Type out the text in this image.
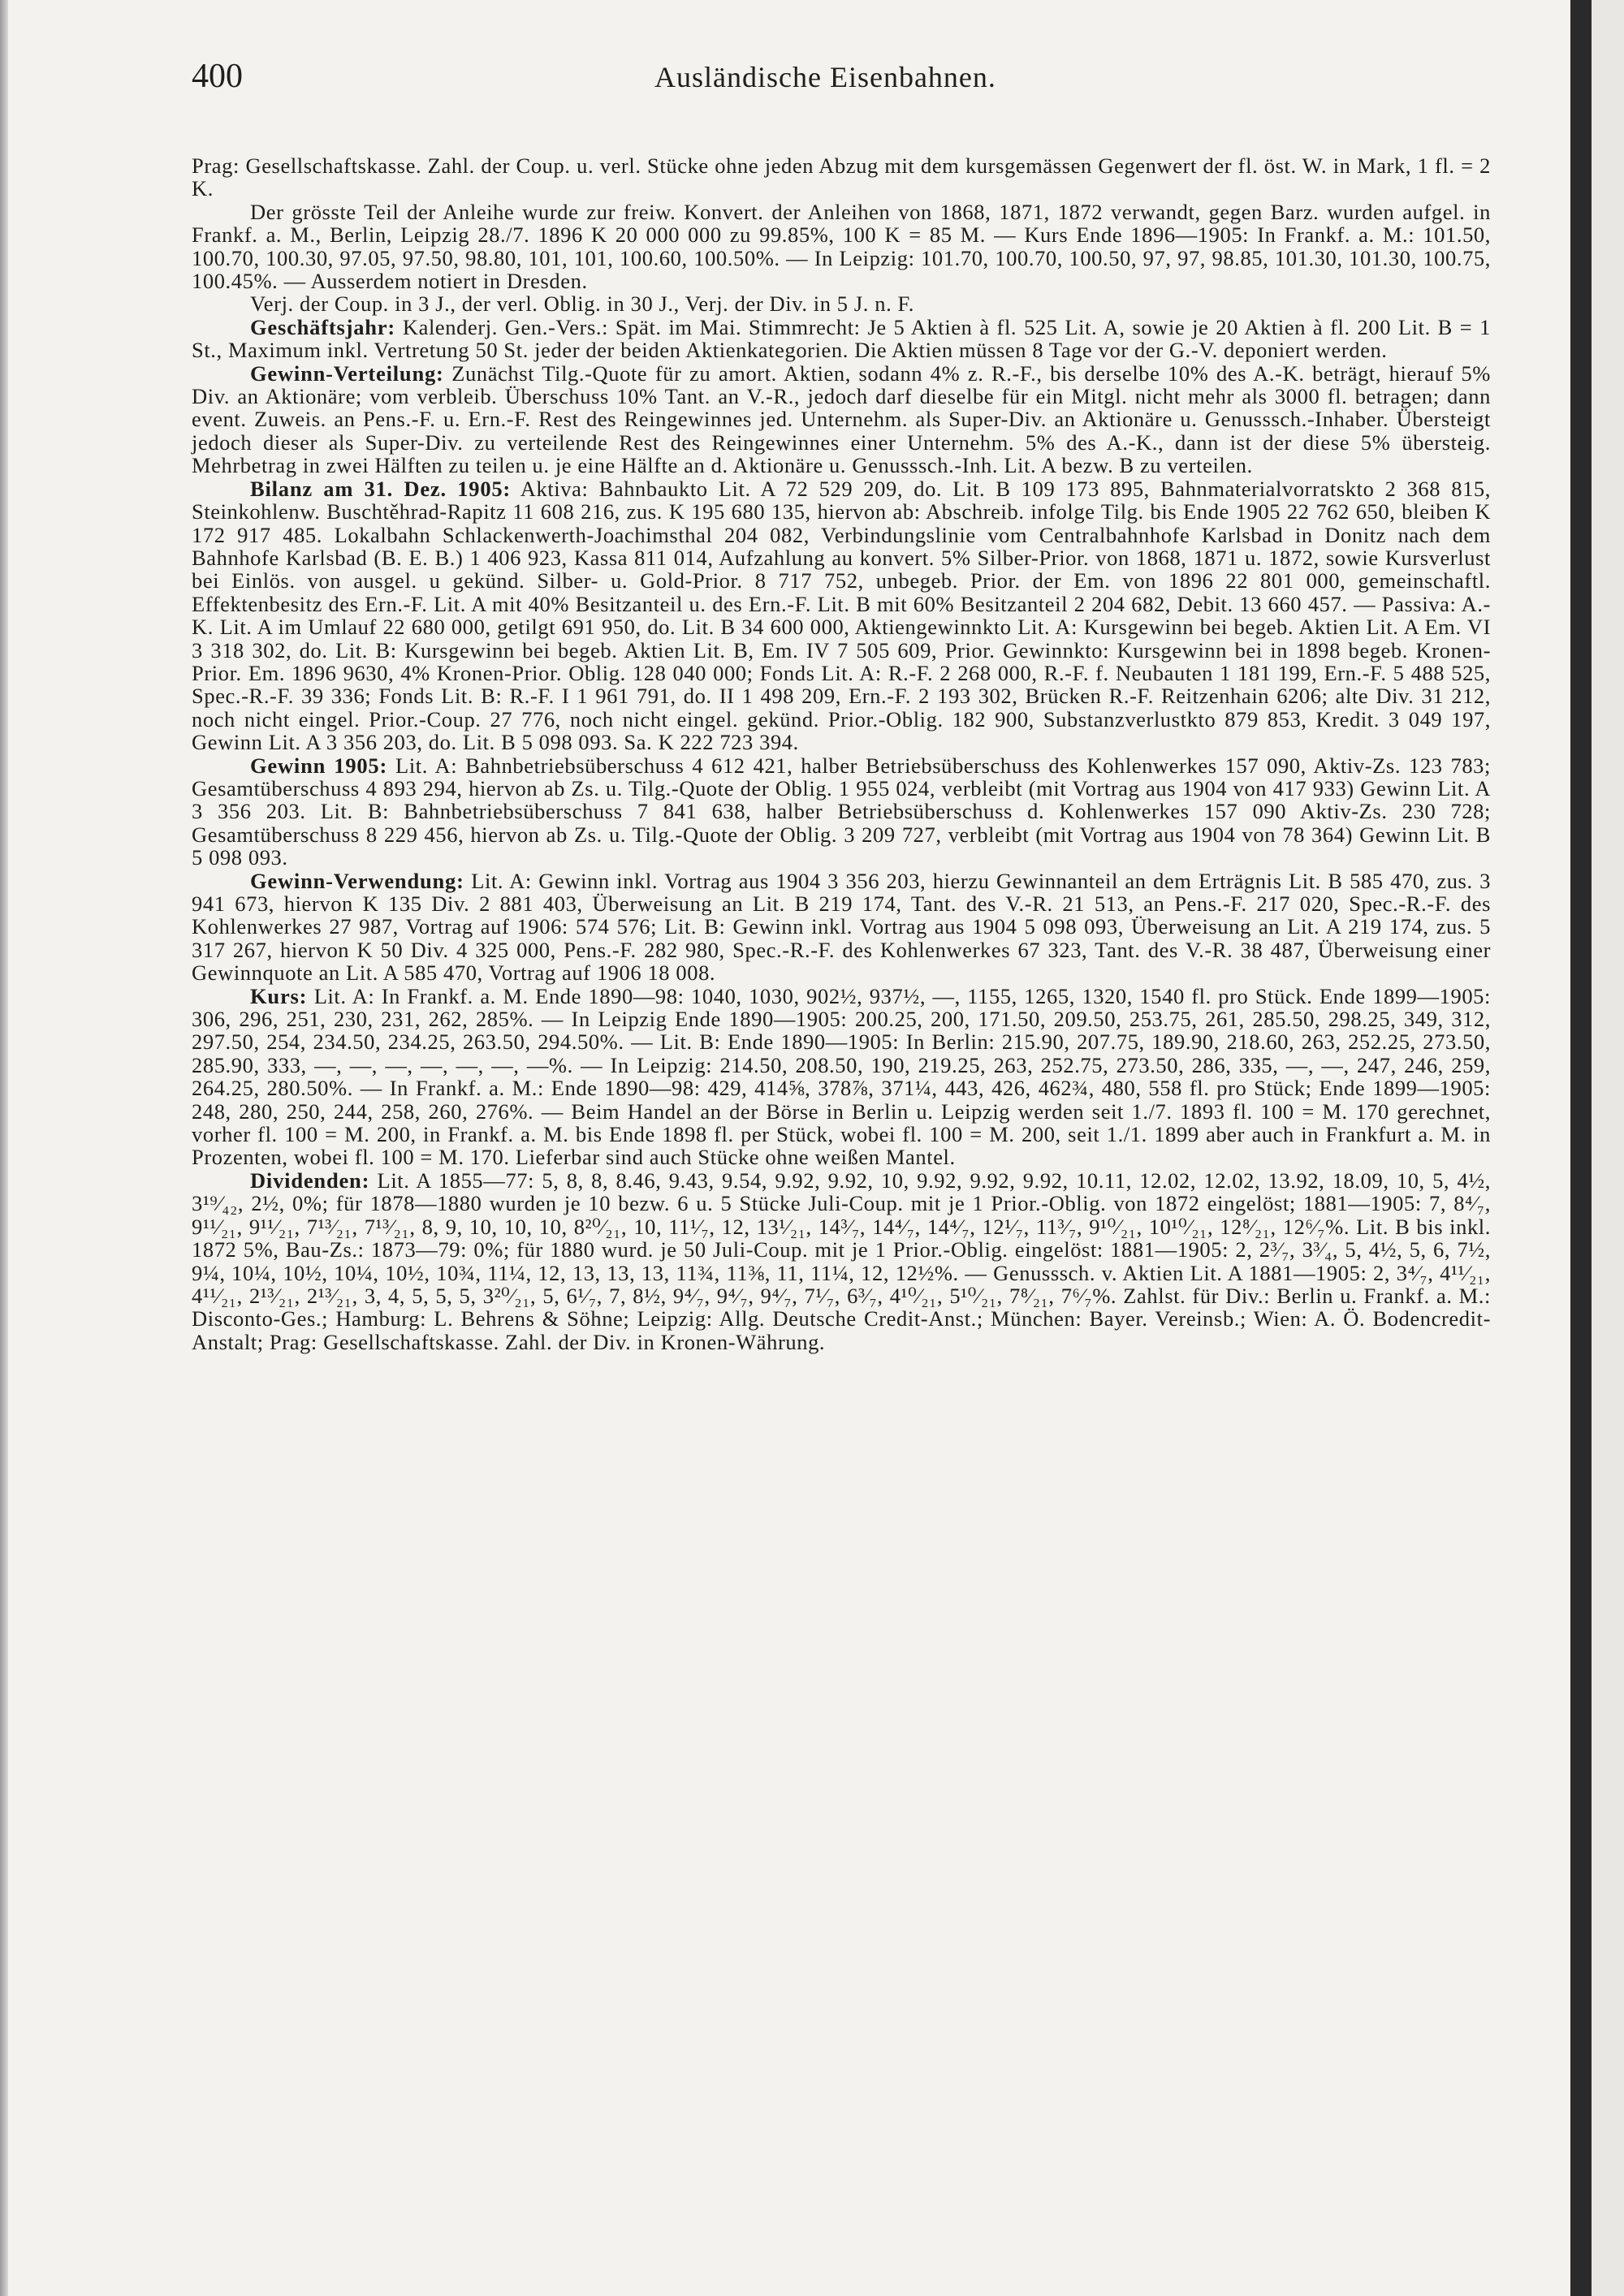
400	Ausländische Eisenbahnen.

Prag: Gesellschaftskasse. Zahl. der Coup. u. verl. Stücke ohne jeden Abzug mit dem kursgemässen Gegenwert der fl. öst. W. in Mark, 1 fl. = 2 K.

Der grösste Teil der Anleihe wurde zur freiw. Konvert. der Anleihen von 1868, 1871, 1872 verwandt, gegen Barz. wurden aufgel. in Frankf. a. M., Berlin, Leipzig 28./7. 1896 K 20 000 000 zu 99.85%, 100 K = 85 M. — Kurs Ende 1896—1905: In Frankf. a. M.: 101.50, 100.70, 100.30, 97.05, 97.50, 98.80, 101, 101, 100.60, 100.50%. — In Leipzig: 101.70, 100.70, 100.50, 97, 97, 98.85, 101.30, 101.30, 100.75, 100.45%. — Ausserdem notiert in Dresden.

Verj. der Coup. in 3 J., der verl. Oblig. in 30 J., Verj. der Div. in 5 J. n. F.

Geschäftsjahr: Kalenderj. Gen.-Vers.: Spät. im Mai. Stimmrecht: Je 5 Aktien à fl. 525 Lit. A, sowie je 20 Aktien à fl. 200 Lit. B = 1 St., Maximum inkl. Vertretung 50 St. jeder der beiden Aktienkategorien. Die Aktien müssen 8 Tage vor der G.-V. deponiert werden.

Gewinn-Verteilung: Zunächst Tilg.-Quote für zu amort. Aktien, sodann 4% z. R.-F., bis derselbe 10% des A.-K. beträgt, hierauf 5% Div. an Aktionäre; vom verbleib. Überschuss 10% Tant. an V.-R., jedoch darf dieselbe für ein Mitgl. nicht mehr als 3000 fl. betragen; dann event. Zuweis. an Pens.-F. u. Ern.-F. Rest des Reingewinnes jed. Unternehm. als Super-Div. an Aktionäre u. Genusssch.-Inhaber. Übersteigt jedoch dieser als Super-Div. zu verteilende Rest des Reingewinnes einer Unternehm. 5% des A.-K., dann ist der diese 5% übersteig. Mehrbetrag in zwei Hälften zu teilen u. je eine Hälfte an d. Aktionäre u. Genusssch.-Inh. Lit. A bezw. B zu verteilen.

Bilanz am 31. Dez. 1905: Aktiva: Bahnbaukto Lit. A 72 529 209, do. Lit. B 109 173 895, Bahnmaterialvorratskto 2 368 815, Steinkohlenw. Buschtěhrad-Rapitz 11 608 216, zus. K 195 680 135, hiervon ab: Abschreib. infolge Tilg. bis Ende 1905 22 762 650, bleiben K 172 917 485. Lokalbahn Schlackenwerth-Joachimsthal 204 082, Verbindungslinie vom Centralbahnhofe Karlsbad in Donitz nach dem Bahnhofe Karlsbad (B. E. B.) 1 406 923, Kassa 811 014, Aufzahlung au konvert. 5% Silber-Prior. von 1868, 1871 u. 1872, sowie Kursverlust bei Einlös. von ausgel. u gekünd. Silber- u. Gold-Prior. 8 717 752, unbegeb. Prior. der Em. von 1896 22 801 000, gemeinschaftl. Effektenbesitz des Ern.-F. Lit. A mit 40% Besitzanteil u. des Ern.-F. Lit. B mit 60% Besitzanteil 2 204 682, Debit. 13 660 457. — Passiva: A.-K. Lit. A im Umlauf 22 680 000, getilgt 691 950, do. Lit. B 34 600 000, Aktiengewinnkto Lit. A: Kursgewinn bei begeb. Aktien Lit. A Em. VI 3 318 302, do. Lit. B: Kursgewinn bei begeb. Aktien Lit. B, Em. IV 7 505 609, Prior. Gewinnkto: Kursgewinn bei in 1898 begeb. Kronen-Prior. Em. 1896 9630, 4% Kronen-Prior. Oblig. 128 040 000; Fonds Lit. A: R.-F. 2 268 000, R.-F. f. Neubauten 1 181 199, Ern.-F. 5 488 525, Spec.-R.-F. 39 336; Fonds Lit. B: R.-F. I 1 961 791, do. II 1 498 209, Ern.-F. 2 193 302, Brücken R.-F. Reitzenhain 6206; alte Div. 31 212, noch nicht eingel. Prior.-Coup. 27 776, noch nicht eingel. gekünd. Prior.-Oblig. 182 900, Substanzverlustkto 879 853, Kredit. 3 049 197, Gewinn Lit. A 3 356 203, do. Lit. B 5 098 093. Sa. K 222 723 394.

Gewinn 1905: Lit. A: Bahnbetriebsüberschuss 4 612 421, halber Betriebsüberschuss des Kohlenwerkes 157 090, Aktiv-Zs. 123 783; Gesamtüberschuss 4 893 294, hiervon ab Zs. u. Tilg.-Quote der Oblig. 1 955 024, verbleibt (mit Vortrag aus 1904 von 417 933) Gewinn Lit. A 3 356 203. Lit. B: Bahnbetriebsüberschuss 7 841 638, halber Betriebsüberschuss d. Kohlenwerkes 157 090 Aktiv-Zs. 230 728; Gesamtüberschuss 8 229 456, hiervon ab Zs. u. Tilg.-Quote der Oblig. 3 209 727, verbleibt (mit Vortrag aus 1904 von 78 364) Gewinn Lit. B 5 098 093.

Gewinn-Verwendung: Lit. A: Gewinn inkl. Vortrag aus 1904 3 356 203, hierzu Gewinnanteil an dem Erträgnis Lit. B 585 470, zus. 3 941 673, hiervon K 135 Div. 2 881 403, Überweisung an Lit. B 219 174, Tant. des V.-R. 21 513, an Pens.-F. 217 020, Spec.-R.-F. des Kohlenwerkes 27 987, Vortrag auf 1906: 574 576; Lit. B: Gewinn inkl. Vortrag aus 1904 5 098 093, Überweisung an Lit. A 219 174, zus. 5 317 267, hiervon K 50 Div. 4 325 000, Pens.-F. 282 980, Spec.-R.-F. des Kohlenwerkes 67 323, Tant. des V.-R. 38 487, Überweisung einer Gewinnquote an Lit. A 585 470, Vortrag auf 1906 18 008.

Kurs: Lit. A: In Frankf. a. M. Ende 1890—98: 1040, 1030, 902½, 937½, —, 1155, 1265, 1320, 1540 fl. pro Stück. Ende 1899—1905: 306, 296, 251, 230, 231, 262, 285%. — In Leipzig Ende 1890—1905: 200.25, 200, 171.50, 209.50, 253.75, 261, 285.50, 298.25, 349, 312, 297.50, 254, 234.50, 234.25, 263.50, 294.50%. — Lit. B: Ende 1890—1905: In Berlin: 215.90, 207.75, 189.90, 218.60, 263, 252.25, 273.50, 285.90, 333, —, —, —, —, —, —, —%. — In Leipzig: 214.50, 208.50, 190, 219.25, 263, 252.75, 273.50, 286, 335, —, —, 247, 246, 259, 264.25, 280.50%. — In Frankf. a. M.: Ende 1890—98: 429, 414⅝, 378⅞, 371¼, 443, 426, 462¾, 480, 558 fl. pro Stück; Ende 1899—1905: 248, 280, 250, 244, 258, 260, 276%. — Beim Handel an der Börse in Berlin u. Leipzig werden seit 1./7. 1893 fl. 100 = M. 170 gerechnet, vorher fl. 100 = M. 200, in Frankf. a. M. bis Ende 1898 fl. per Stück, wobei fl. 100 = M. 200, seit 1./1. 1899 aber auch in Frankfurt a. M. in Prozenten, wobei fl. 100 = M. 170. Lieferbar sind auch Stücke ohne weißen Mantel.

Dividenden: Lit. A 1855—77: 5, 8, 8, 8.46, 9.43, 9.54, 9.92, 9.92, 10, 9.92, 9.92, 9.92, 10.11, 12.02, 12.02, 13.92, 18.09, 10, 5, 4½, 3¹⁹⁄₄₂, 2½, 0%; für 1878—1880 wurden je 10 bezw. 6 u. 5 Stücke Juli-Coup. mit je 1 Prior.-Oblig. von 1872 eingelöst; 1881—1905: 7, 8⁴⁄₇, 9¹¹⁄₂₁, 9¹¹⁄₂₁, 7¹³⁄₂₁, 7¹³⁄₂₁, 8, 9, 10, 10, 10, 8²⁰⁄₂₁, 10, 11¹⁄₇, 12, 13¹⁄₂₁, 14³⁄₇, 14⁴⁄₇, 14⁴⁄₇, 12¹⁄₇, 11³⁄₇, 9¹⁰⁄₂₁, 10¹⁰⁄₂₁, 12⁸⁄₂₁, 12⁶⁄₇%. Lit. B bis inkl. 1872 5%, Bau-Zs.: 1873—79: 0%; für 1880 wurd. je 50 Juli-Coup. mit je 1 Prior.-Oblig. eingelöst: 1881—1905: 2, 2³⁄₇, 3³⁄₄, 5, 4½, 5, 6, 7½, 9¼, 10¼, 10½, 10¼, 10½, 10¾, 11¼, 12, 13, 13, 13, 11¾, 11⅜, 11, 11¼, 12, 12½%. — Genusssch. v. Aktien Lit. A 1881—1905: 2, 3⁴⁄₇, 4¹¹⁄₂₁, 4¹¹⁄₂₁, 2¹³⁄₂₁, 2¹³⁄₂₁, 3, 4, 5, 5, 5, 3²⁰⁄₂₁, 5, 6¹⁄₇, 7, 8½, 9⁴⁄₇, 9⁴⁄₇, 9⁴⁄₇, 7¹⁄₇, 6³⁄₇, 4¹⁰⁄₂₁, 5¹⁰⁄₂₁, 7⁸⁄₂₁, 7⁶⁄₇%. Zahlst. für Div.: Berlin u. Frankf. a. M.: Disconto-Ges.; Hamburg: L. Behrens & Söhne; Leipzig: Allg. Deutsche Credit-Anst.; München: Bayer. Vereinsb.; Wien: A. Ö. Bodencredit-Anstalt; Prag: Gesellschaftskasse. Zahl. der Div. in Kronen-Währung.
